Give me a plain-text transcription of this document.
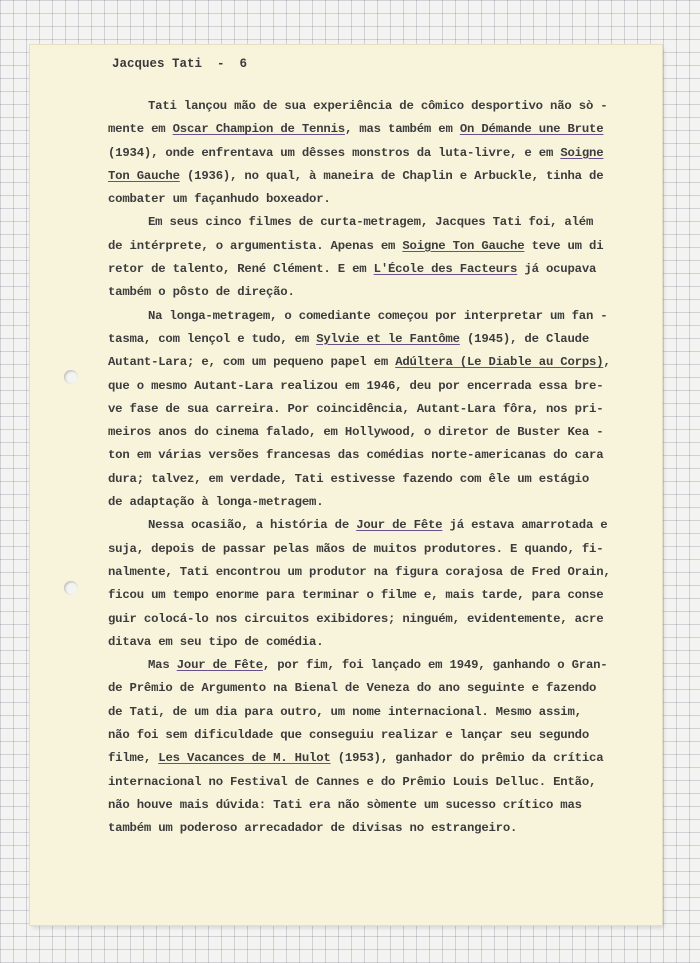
Jacques Tati  -  6
Tati lançou mão de sua experiência de cômico desportivo não sò -
mente em Oscar Champion de Tennis, mas também em On Démande une Brute
(1934), onde enfrentava um dêsses monstros da luta-livre, e em Soigne
Ton Gauche (1936), no qual, à maneira de Chaplin e Arbuckle, tinha de
combater um façanhudo boxeador.
Em seus cinco filmes de curta-metragem, Jacques Tati foi, além
de intérprete, o argumentista. Apenas em Soigne Ton Gauche teve um di
retor de talento, René Clément. E em L'École des Facteurs já ocupava
também o pôsto de direção.
Na longa-metragem, o comediante começou por interpretar um fan -
tasma, com lençol e tudo, em Sylvie et le Fantôme (1945), de Claude
Autant-Lara; e, com um pequeno papel em Adúltera (Le Diable au Corps),
que o mesmo Autant-Lara realizou em 1946, deu por encerrada essa bre-
ve fase de sua carreira. Por coincidência, Autant-Lara fôra, nos pri-
meiros anos do cinema falado, em Hollywood, o diretor de Buster Kea -
ton em várias versões francesas das comédias norte-americanas do cara
dura; talvez, em verdade, Tati estivesse fazendo com êle um estágio
de adaptação à longa-metragem.
Nessa ocasião, a história de Jour de Fête já estava amarrotada e
suja, depois de passar pelas mãos de muitos produtores. E quando, fi-
nalmente, Tati encontrou um produtor na figura corajosa de Fred Orain,
ficou um tempo enorme para terminar o filme e, mais tarde, para conse
guir colocá-lo nos circuitos exibidores; ninguém, evidentemente, acre
ditava em seu tipo de comédia.
Mas Jour de Fête, por fim, foi lançado em 1949, ganhando o Gran-
de Prêmio de Argumento na Bienal de Veneza do ano seguinte e fazendo
de Tati, de um dia para outro, um nome internacional. Mesmo assim,
não foi sem dificuldade que conseguiu realizar e lançar seu segundo
filme, Les Vacances de M. Hulot (1953), ganhador do prêmio da crítica
internacional no Festival de Cannes e do Prêmio Louis Delluc. Então,
não houve mais dúvida: Tati era não sòmente um sucesso crítico mas
também um poderoso arrecadador de divisas no estrangeiro.
